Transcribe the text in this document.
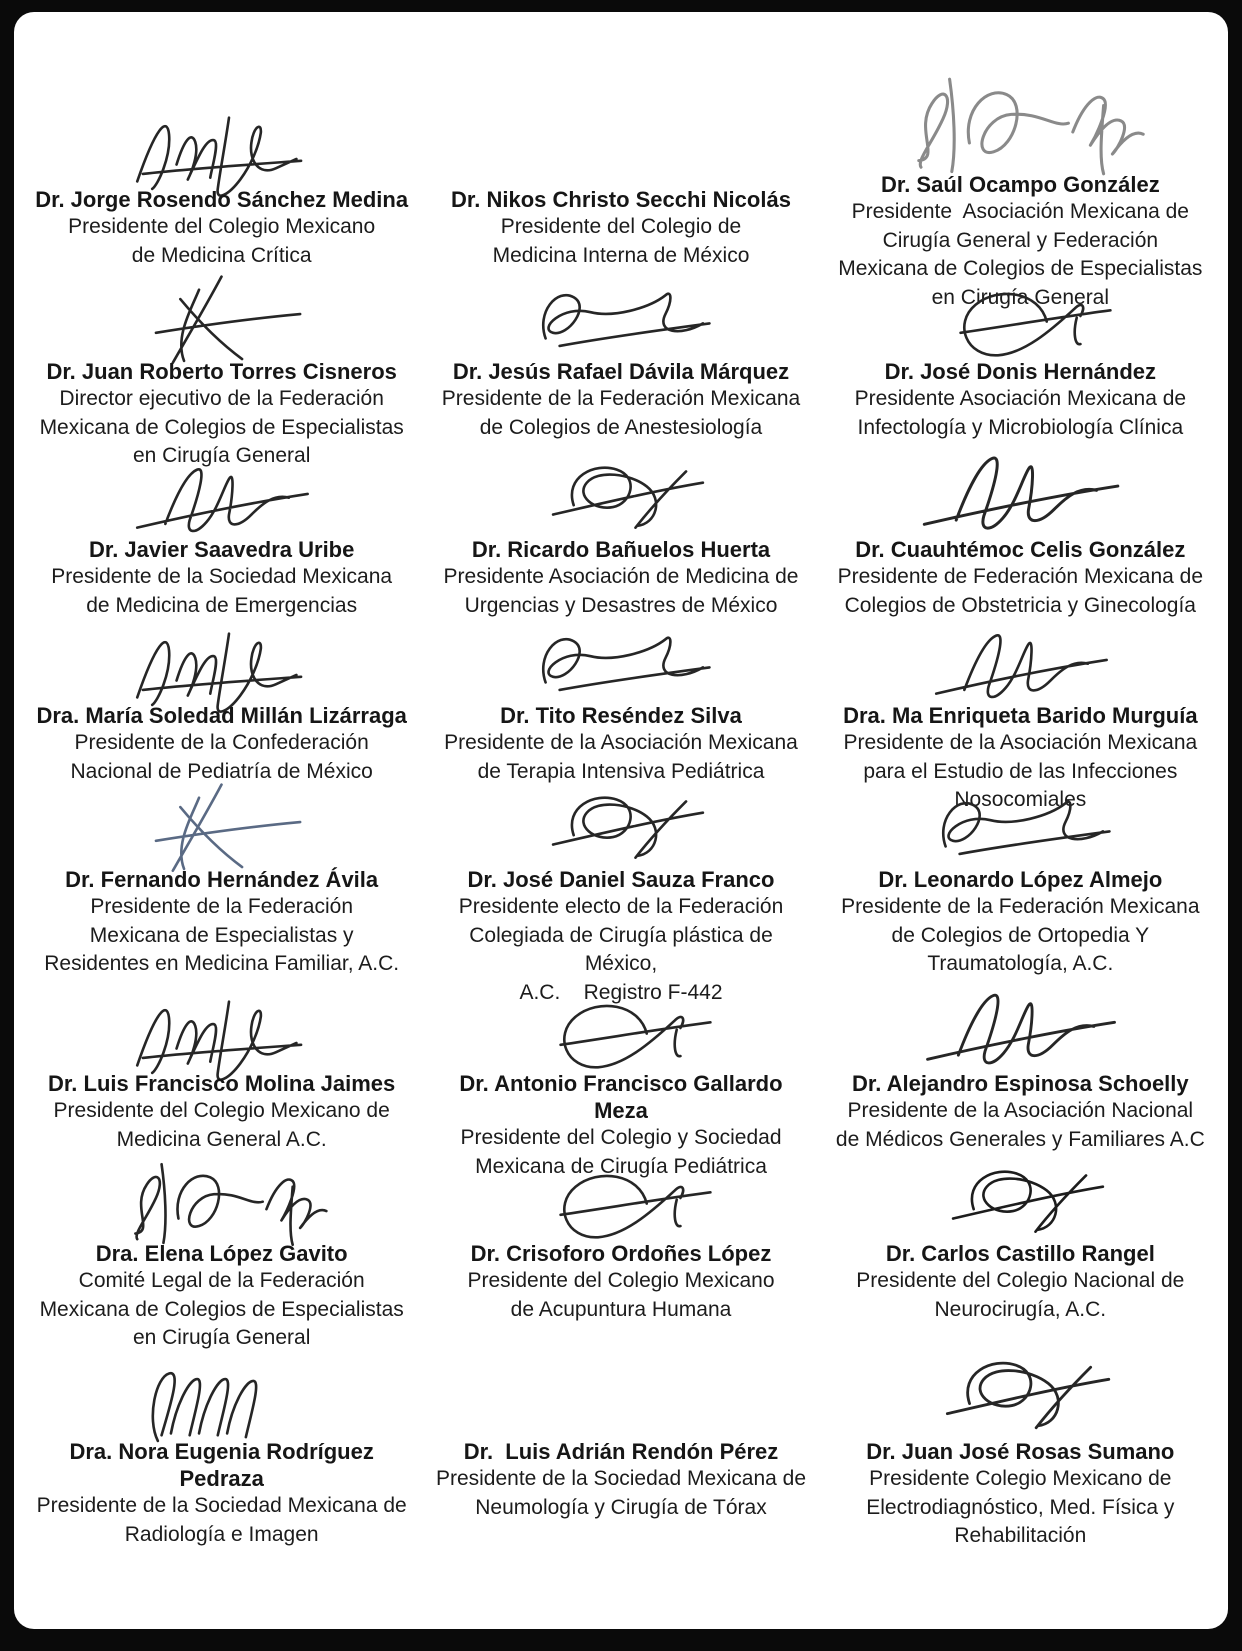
Dr. Jorge Rosendo Sánchez Medina
Presidente del Colegio Mexicano
de Medicina Crítica
Dr. Nikos Christo Secchi Nicolás
Presidente del Colegio de
Medicina Interna de México
Dr. Saúl Ocampo González
Presidente  Asociación Mexicana de
Cirugía General y Federación
Mexicana de Colegios de Especialistas
en Cirugía General
Dr. Juan Roberto Torres Cisneros
Director ejecutivo de la Federación
Mexicana de Colegios de Especialistas
en Cirugía General
Dr. Jesús Rafael Dávila Márquez
Presidente de la Federación Mexicana
de Colegios de Anestesiología
Dr. José Donis Hernández
Presidente Asociación Mexicana de
Infectología y Microbiología Clínica
Dr. Javier Saavedra Uribe
Presidente de la Sociedad Mexicana
de Medicina de Emergencias
Dr. Ricardo Bañuelos Huerta
Presidente Asociación de Medicina de
Urgencias y Desastres de México
Dr. Cuauhtémoc Celis González
Presidente de Federación Mexicana de
Colegios de Obstetricia y Ginecología
Dra. María Soledad Millán Lizárraga
Presidente de la Confederación
Nacional de Pediatría de México
Dr. Tito Reséndez Silva
Presidente de la Asociación Mexicana
de Terapia Intensiva Pediátrica
Dra. Ma Enriqueta Barido Murguía
Presidente de la Asociación Mexicana
para el Estudio de las Infecciones
Nosocomiales
Dr. Fernando Hernández Ávila
Presidente de la Federación
Mexicana de Especialistas y
Residentes en Medicina Familiar, A.C.
Dr. José Daniel Sauza Franco
Presidente electo de la Federación
Colegiada de Cirugía plástica de México,
A.C.    Registro F-442
Dr. Leonardo López Almejo
Presidente de la Federación Mexicana
de Colegios de Ortopedia Y
Traumatología, A.C.
Dr. Luis Francisco Molina Jaimes
Presidente del Colegio Mexicano de
Medicina General A.C.
Dr. Antonio Francisco Gallardo Meza
Presidente del Colegio y Sociedad
Mexicana de Cirugía Pediátrica
Dr. Alejandro Espinosa Schoelly
Presidente de la Asociación Nacional
de Médicos Generales y Familiares A.C
Dra. Elena López Gavito
Comité Legal de la Federación
Mexicana de Colegios de Especialistas
en Cirugía General
Dr. Crisoforo Ordoñes López
Presidente del Colegio Mexicano
de Acupuntura Humana
Dr. Carlos Castillo Rangel
Presidente del Colegio Nacional de
Neurocirugía, A.C.
Dra. Nora Eugenia Rodríguez Pedraza
Presidente de la Sociedad Mexicana de
Radiología e Imagen
Dr.  Luis Adrián Rendón Pérez
Presidente de la Sociedad Mexicana de
Neumología y Cirugía de Tórax
Dr. Juan José Rosas Sumano
Presidente Colegio Mexicano de
Electrodiagnóstico, Med. Física y
Rehabilitación
